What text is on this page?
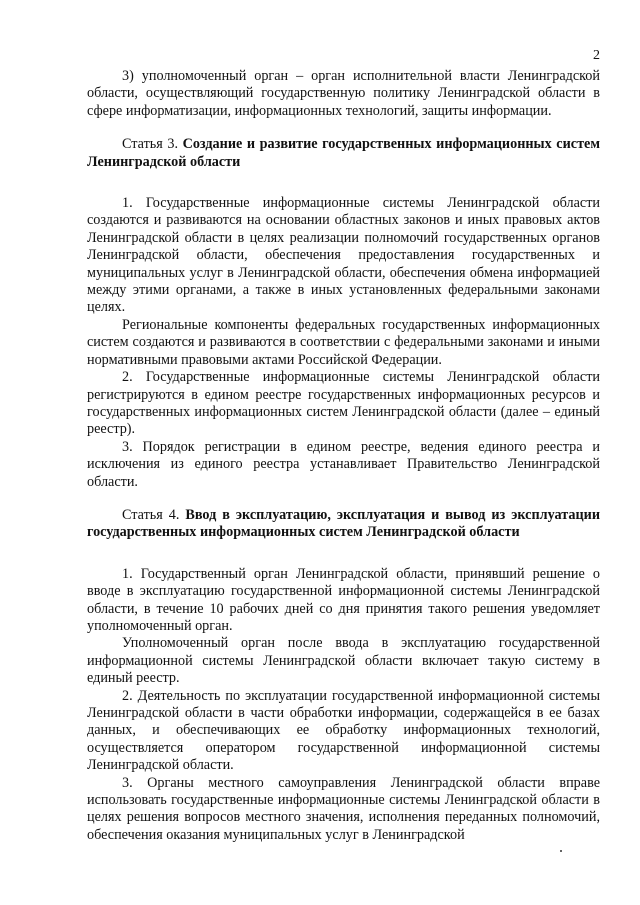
2

3) уполномоченный орган – орган исполнительной власти Ленинградской области, осуществляющий государственную политику Ленинградской области в сфере информатизации, информационных технологий, защиты информации.

Статья 3. Создание и развитие государственных информационных систем Ленинградской области

1. Государственные информационные системы Ленинградской области создаются и развиваются на основании областных законов и иных правовых актов Ленинградской области в целях реализации полномочий государственных органов Ленинградской области, обеспечения предоставления государственных и муниципальных услуг в Ленинградской области, обеспечения обмена информацией между этими органами, а также в иных установленных федеральными законами целях.

Региональные компоненты федеральных государственных информационных систем создаются и развиваются в соответствии с федеральными законами и иными нормативными правовыми актами Российской Федерации.

2. Государственные информационные системы Ленинградской области регистрируются в едином реестре государственных информационных ресурсов и государственных информационных систем Ленинградской области (далее – единый реестр).

3. Порядок регистрации в едином реестре, ведения единого реестра и исключения из единого реестра устанавливает Правительство Ленинградской области.

Статья 4. Ввод в эксплуатацию, эксплуатация и вывод из эксплуатации государственных информационных систем Ленинградской области

1. Государственный орган Ленинградской области, принявший решение о вводе в эксплуатацию государственной информационной системы Ленинградской области, в течение 10 рабочих дней со дня принятия такого решения уведомляет уполномоченный орган.

Уполномоченный орган после ввода в эксплуатацию государственной информационной системы Ленинградской области включает такую систему в единый реестр.

2. Деятельность по эксплуатации государственной информационной системы Ленинградской области в части обработки информации, содержащейся в ее базах данных, и обеспечивающих ее обработку информационных технологий, осуществляется оператором государственной информационной системы Ленинградской области.

3. Органы местного самоуправления Ленинградской области вправе использовать государственные информационные системы Ленинградской области в целях решения вопросов местного значения, исполнения переданных полномочий, обеспечения оказания муниципальных услуг в Ленинградской
